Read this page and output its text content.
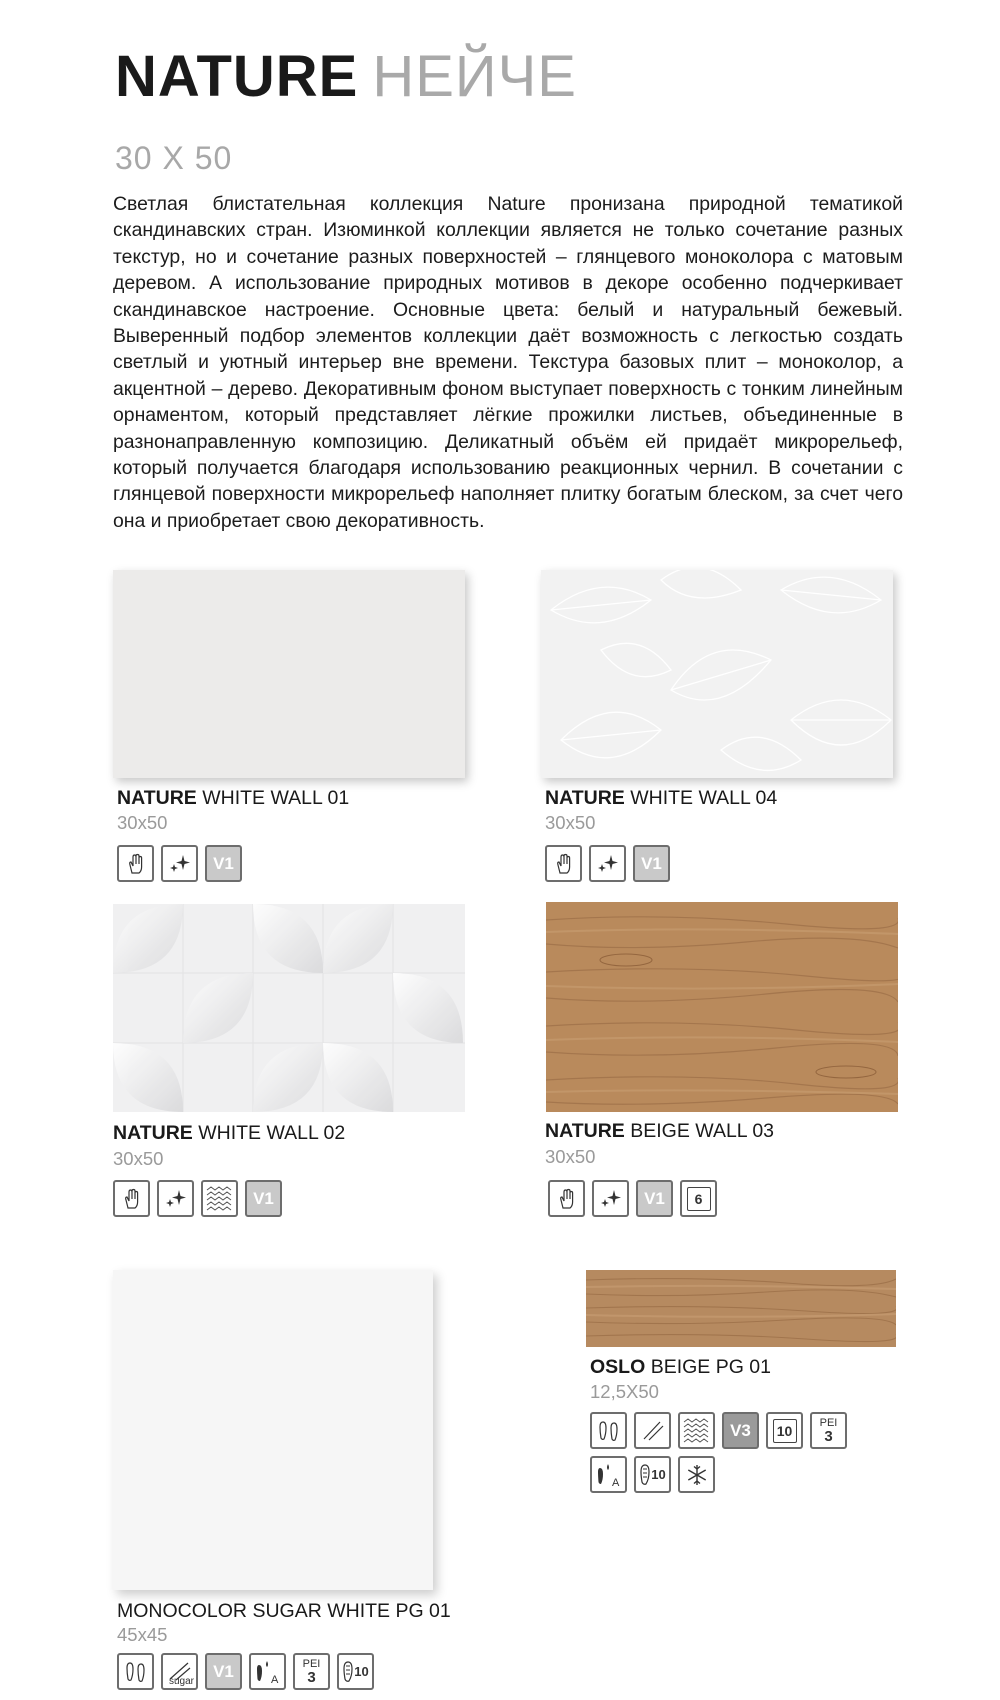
NATURE НЕЙЧЕ
30 X 50

Светлая блистательная коллекция Nature пронизана природной тематикой скандинавских стран. Изюминкой коллекции является не только сочетание разных текстур, но и сочетание разных поверхностей – глянцевого моноколора с матовым деревом. А использование природных мотивов в декоре особенно подчеркивает скандинавское настроение. Основные цвета: белый и натуральный бежевый. Выверенный подбор элементов коллекции даёт возможность с легкостью создать светлый и уютный интерьер вне времени. Текстура базовых плит – моноколор, а акцентной – дерево. Декоративным фоном выступает поверхность с тонким линейным орнаментом, который представляет лёгкие прожилки листьев, объединенные в разнонаправленную композицию. Деликатный объём ей придаёт микрорельеф, который получается благодаря использованию реакционных чернил. В сочетании с глянцевой поверхности микрорельеф наполняет плитку богатым блеском, за счет чего она и приобретает свою декоративность.

NATURE WHITE WALL 01
30x50
V1
NATURE WHITE WALL 04
30x50
V1
NATURE WHITE WALL 02
30x50
V1
NATURE BEIGE WALL 03
30x50
V1	6
MONOCOLOR SUGAR WHITE PG 01
45x45
sugar
V1	A
PEI
3	10
OSLO BEIGE PG 01
12,5X50
V3	10	PEI
3
A
10
